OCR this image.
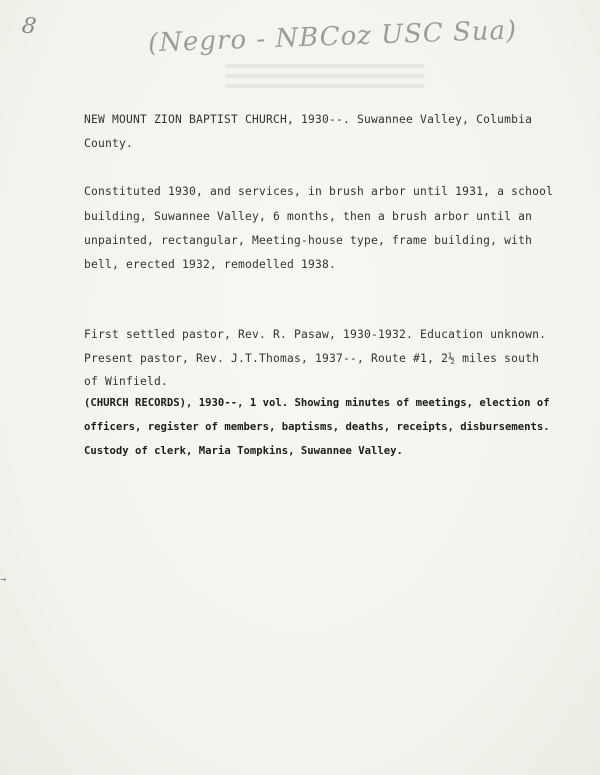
8	(Negro - NBCoz USC Sua)
NEW MOUNT ZION BAPTIST CHURCH, 1930--. Suwannee Valley, Columbia
County.
Constituted 1930, and services, in brush arbor until 1931, a school
building, Suwannee Valley, 6 months, then a brush arbor until an
unpainted, rectangular, Meeting-house type, frame building, with
bell, erected 1932, remodelled 1938.
First settled pastor, Rev. R. Pasaw, 1930-1932. Education unknown.
Present pastor, Rev. J.T.Thomas, 1937--, Route #1, 2½ miles south
of Winfield.
(CHURCH RECORDS), 1930--, 1 vol. Showing minutes of meetings, election of
officers, register of members, baptisms, deaths, receipts, disbursements.
Custody of clerk, Maria Tompkins, Suwannee Valley.
→
